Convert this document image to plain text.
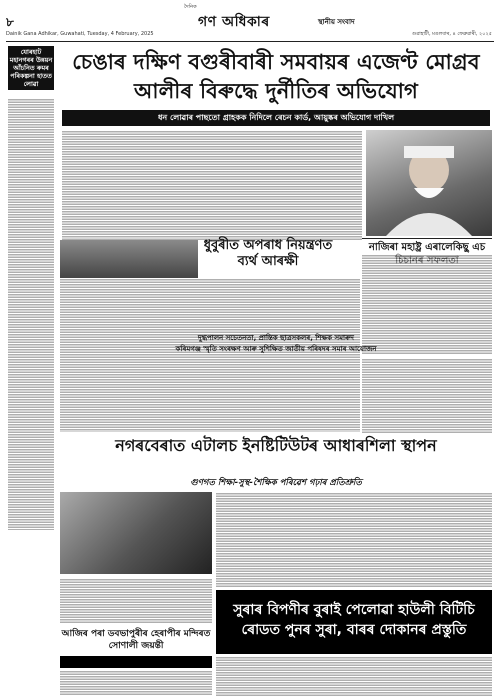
৮
দৈনিক
গণ অধিকাৰ	স্থানীয় সংবাদ
Dainik Gana Adhikar, Guwahati, Tuesday, 4 February, 2025	গুৱাহাটী, মঙলবাৰ, ৪ ফেব্ৰুৱাৰী, ২০২৫
যোৰহাট মহানগৰৰ উন্নয়ন আঁচনিত ৰুমৰ পৰিকল্পনা হাতত লোৱা
চেঙাৰ দক্ষিণ বগুৰীবাৰী সমবায়ৰ এজেণ্ট মোগ্ৰব আলীৰ বিৰুদ্ধে দুৰ্নীতিৰ অভিযোগ
ধন লোৱাৰ পাছতো গ্ৰাহকক নিদিলে ৰেচন কাৰ্ড, আয়ুষ্কৰ অভিযোগ দাখিল
ধুবুৰীত অপৰাধ নিয়ন্ত্ৰণত ব্যৰ্থ আৰক্ষী
নাজিৰা মহাষ্ট্ৰ এৰালেকিছু এচ
দুগ্ধপালন সচেতনতা, প্ৰান্তিক ছাত্ৰসকলৰ, শিক্ষক সমাৰুদ
কৰিমগঞ্জ স্মৃতি সংৰক্ষণ আৰু সুশিক্ষিত জাতীয় পৰিষদৰ সমাৰ আয়োজন
নগৰবেৰাত এটালচ ইনষ্টিটিউটৰ আধাৰশিলা স্থাপন
গুণগত শিক্ষা-সুস্থ-শৈক্ষিক পৰিৱেশ গঢ়াৰ প্ৰতিশ্ৰুতি
সুৰাৰ বিপণীৰ বুৰাই পেলোৱা হাউলী বিটিচি ৰোডত পুনৰ সুৰা, বাৰৰ দোকানৰ প্ৰস্তুতি
আজিৰ পৰা ডবভাপুৰীৰ হেৰাপীৰ মন্দিৰত সোণালী জয়ন্তী
